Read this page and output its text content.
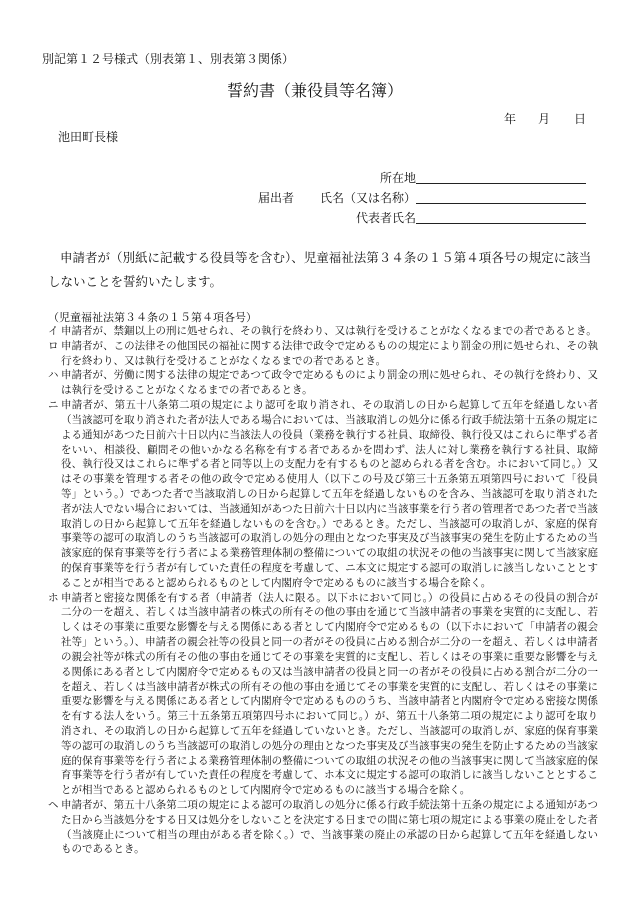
別記第１２号様式（別表第１、別表第３関係）
誓約書（兼役員等名簿）
年 月 日
池田町長様
所在地
届出者	氏名（又は名称）
代表者氏名
申請者が（別紙に記載する役員等を含む）、児童福祉法第３４条の１５第４項各号の規定に該当しないことを誓約いたします。
（児童福祉法第３４条の１５第４項各号）
イ 申請者が、禁錮以上の刑に処せられ、その執行を終わり、又は執行を受けることがなくなるまでの者であるとき。
ロ 申請者が、この法律その他国民の福祉に関する法律で政令で定めるものの規定により罰金の刑に処せられ、その執行を終わり、又は執行を受けることがなくなるまでの者であるとき。
ハ 申請者が、労働に関する法律の規定であつて政令で定めるものにより罰金の刑に処せられ、その執行を終わり、又は執行を受けることがなくなるまでの者であるとき。
ニ 申請者が、第五十八条第二項の規定により認可を取り消され、その取消しの日から起算して五年を経過しない者（当該認可を取り消された者が法人である場合においては、当該取消しの処分に係る行政手続法第十五条の規定による通知があつた日前六十日以内に当該法人の役員（業務を執行する社員、取締役、執行役又はこれらに準ずる者をいい、相談役、顧問その他いかなる名称を有する者であるかを問わず、法人に対し業務を執行する社員、取締役、執行役又はこれらに準ずる者と同等以上の支配力を有するものと認められる者を含む。ホにおいて同じ。）又はその事業を管理する者その他の政令で定める使用人（以下この号及び第三十五条第五項第四号において「役員等」という。）であつた者で当該取消しの日から起算して五年を経過しないものを含み、当該認可を取り消された者が法人でない場合においては、当該通知があつた日前六十日以内に当該事業を行う者の管理者であつた者で当該取消しの日から起算して五年を経過しないものを含む。）であるとき。ただし、当該認可の取消しが、家庭的保育事業等の認可の取消しのうち当該認可の取消しの処分の理由となつた事実及び当該事実の発生を防止するための当該家庭的保育事業等を行う者による業務管理体制の整備についての取組の状況その他の当該事実に関して当該家庭的保育事業等を行う者が有していた責任の程度を考慮して、ニ本文に規定する認可の取消しに該当しないこととすることが相当であると認められるものとして内閣府令で定めるものに該当する場合を除く。
ホ 申請者と密接な関係を有する者（申請者（法人に限る。以下ホにおいて同じ。）の役員に占めるその役員の割合が二分の一を超え、若しくは当該申請者の株式の所有その他の事由を通じて当該申請者の事業を実質的に支配し、若しくはその事業に重要な影響を与える関係にある者として内閣府令で定めるもの（以下ホにおいて「申請者の親会社等」という。）、申請者の親会社等の役員と同一の者がその役員に占める割合が二分の一を超え、若しくは申請者の親会社等が株式の所有その他の事由を通じてその事業を実質的に支配し、若しくはその事業に重要な影響を与える関係にある者として内閣府令で定めるもの又は当該申請者の役員と同一の者がその役員に占める割合が二分の一を超え、若しくは当該申請者が株式の所有その他の事由を通じてその事業を実質的に支配し、若しくはその事業に重要な影響を与える関係にある者として内閣府令で定めるもののうち、当該申請者と内閣府令で定める密接な関係を有する法人をいう。第三十五条第五項第四号ホにおいて同じ。）が、第五十八条第二項の規定により認可を取り消され、その取消しの日から起算して五年を経過していないとき。ただし、当該認可の取消しが、家庭的保育事業等の認可の取消しのうち当該認可の取消しの処分の理由となつた事実及び当該事実の発生を防止するための当該家庭的保育事業等を行う者による業務管理体制の整備についての取組の状況その他の当該事実に関して当該家庭的保育事業等を行う者が有していた責任の程度を考慮して、ホ本文に規定する認可の取消しに該当しないこととすることが相当であると認められるものとして内閣府令で定めるものに該当する場合を除く。
ヘ 申請者が、第五十八条第二項の規定による認可の取消しの処分に係る行政手続法第十五条の規定による通知があつた日から当該処分をする日又は処分をしないことを決定する日までの間に第七項の規定による事業の廃止をした者（当該廃止について相当の理由がある者を除く。）で、当該事業の廃止の承認の日から起算して五年を経過しないものであるとき。
